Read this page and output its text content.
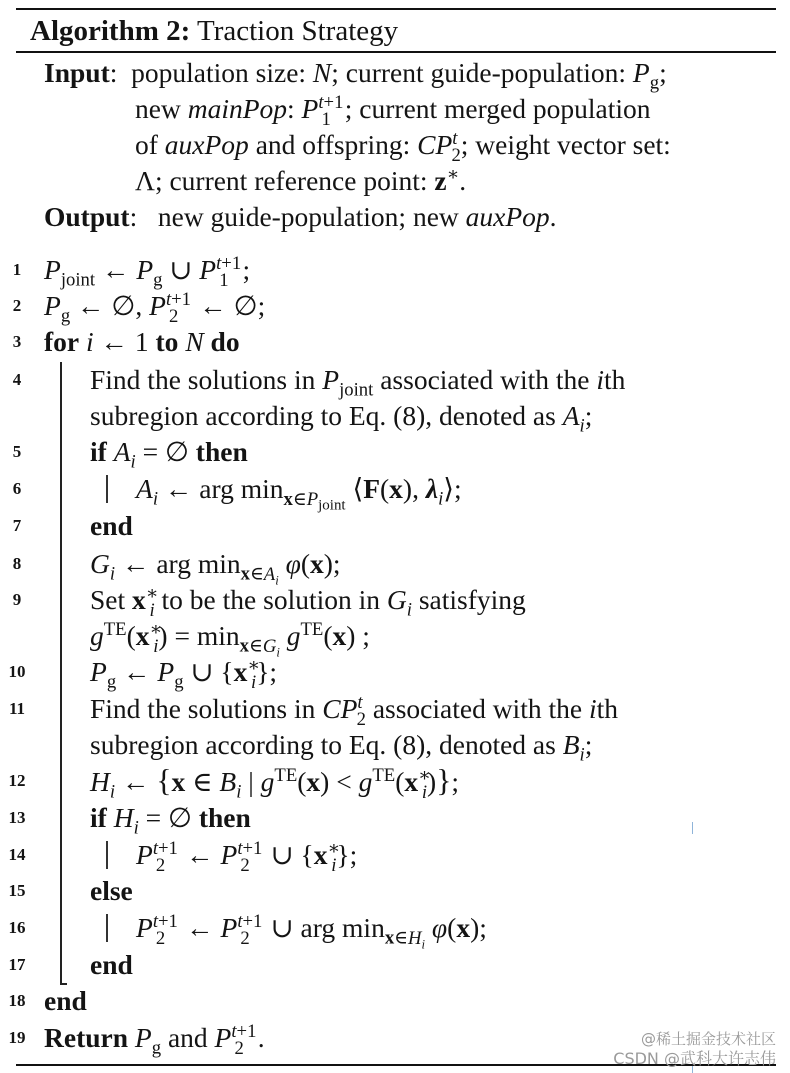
Algorithm 2: Traction Strategy
Input:  population size: N; current guide-population: $P_g$;
new mainPop: $P^{t+1}_1$ ; current merged population
of auxPop and offspring: $CP^t_2$; weight vector set:
Λ; current reference point: z∗.
Output:   new guide-population; new auxPop.
1
2
3
4
5
6
7
8
9
10
11
12
13
14
15
16
17
18
19
$P_{joint}$ ← $P_g$ ∪ $P^{t+1}_1$ ;
$P_g$ ← ∅, $P^{t+1}_2$ ← ∅;
for i ← 1 to N do
Find the solutions in $P_{joint}$ associated with the ith
subregion according to Eq. (8), denoted as $A_i$;
if $A_i$ = ∅ then
$A_i$ ← arg $\min_{x\in P_{joint}}$ ⟨F(x), $\lambda_i⟩$;
end
$G_i$ ← arg $\min_{x\in A_i} \varphi(x)$;
Set $x^∗_i$ to be the solution in $G_i$ satisfying
$g^{TE}(x^∗_i) = \min_{x\in G_i} g^{TE}(x)$ ;
$P_g$ ← $P_g$ ∪ $\{x^∗_i\}$;
Find the solutions in $CP^t_2$ associated with the ith
subregion according to Eq. (8), denoted as $B_i$;
$H_i$ ← {x ∈ $B_i$ | $g^{TE}(x) < g^{TE}(x^∗_i)$};
if $H_i$ = ∅ then
$P^{t+1}_2$ ← $P^{t+1}_2$ ∪ $\{x^∗_i\}$;
else
$P^{t+1}_2$ ← $P^{t+1}_2$ ∪ arg $\min_{x\in H_i} \varphi(x)$;
end
end
Return $P_g$ and $P^{t+1}_2$ .	@稀土掘金技术社区
CSDN @武科大许志伟
